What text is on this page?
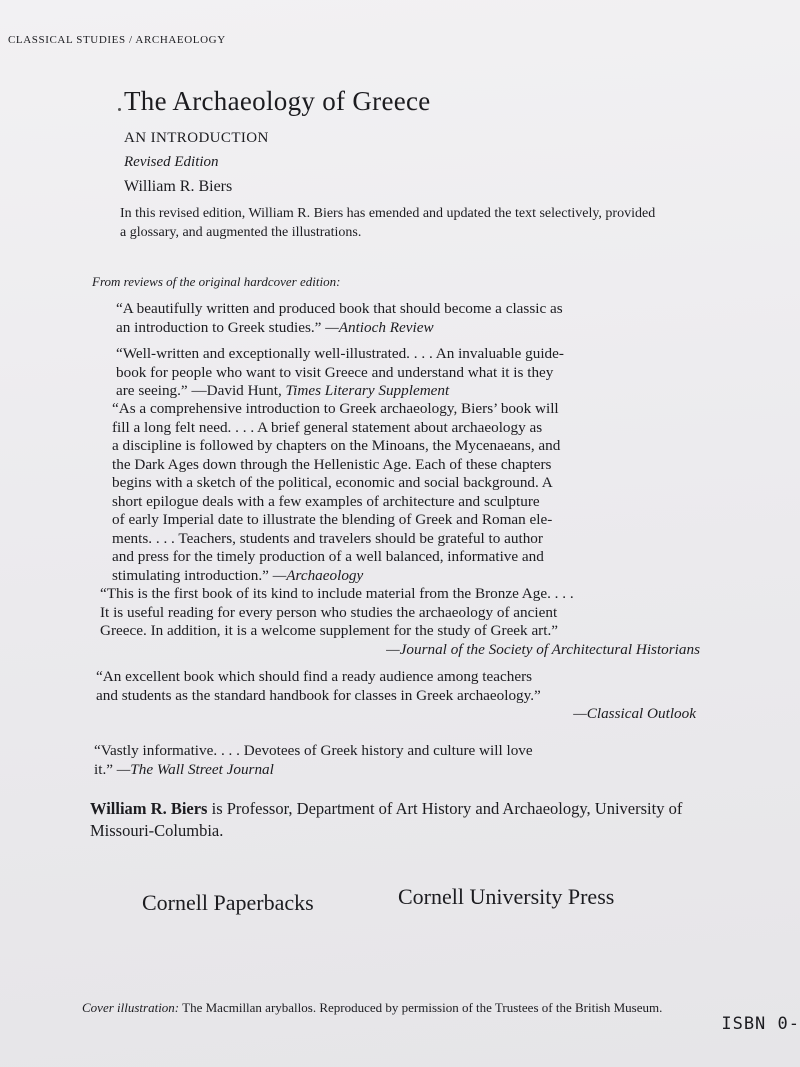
CLASSICAL STUDIES / ARCHAEOLOGY
The Archaeology of Greece
AN INTRODUCTION
Revised Edition
William R. Biers
In this revised edition, William R. Biers has emended and updated the text selectively, provided a glossary, and augmented the illustrations.
From reviews of the original hardcover edition:
“A beautifully written and produced book that should become a classic as
an introduction to Greek studies.” —Antioch Review
“Well-written and exceptionally well-illustrated. . . . An invaluable guide-
book for people who want to visit Greece and understand what it is they
are seeing.” —David Hunt, Times Literary Supplement
“As a comprehensive introduction to Greek archaeology, Biers’ book will
fill a long felt need. . . . A brief general statement about archaeology as
a discipline is followed by chapters on the Minoans, the Mycenaeans, and
the Dark Ages down through the Hellenistic Age. Each of these chapters
begins with a sketch of the political, economic and social background. A
short epilogue deals with a few examples of architecture and sculpture
of early Imperial date to illustrate the blending of Greek and Roman ele-
ments. . . . Teachers, students and travelers should be grateful to author
and press for the timely production of a well balanced, informative and
stimulating introduction.” —Archaeology
“This is the first book of its kind to include material from the Bronze Age. . . .
It is useful reading for every person who studies the archaeology of ancient
Greece. In addition, it is a welcome supplement for the study of Greek art.”
—Journal of the Society of Architectural Historians
“An excellent book which should find a ready audience among teachers
and students as the standard handbook for classes in Greek archaeology.”
—Classical Outlook
“Vastly informative. . . . Devotees of Greek history and culture will love
it.” —The Wall Street Journal
William R. Biers is Professor, Department of Art History and Archaeology, University of Missouri-Columbia.
Cornell Paperbacks	Cornell University Press
Cover illustration: The Macmillan aryballos. Reproduced by permission of the Trustees of the British Museum.
ISBN 0-
